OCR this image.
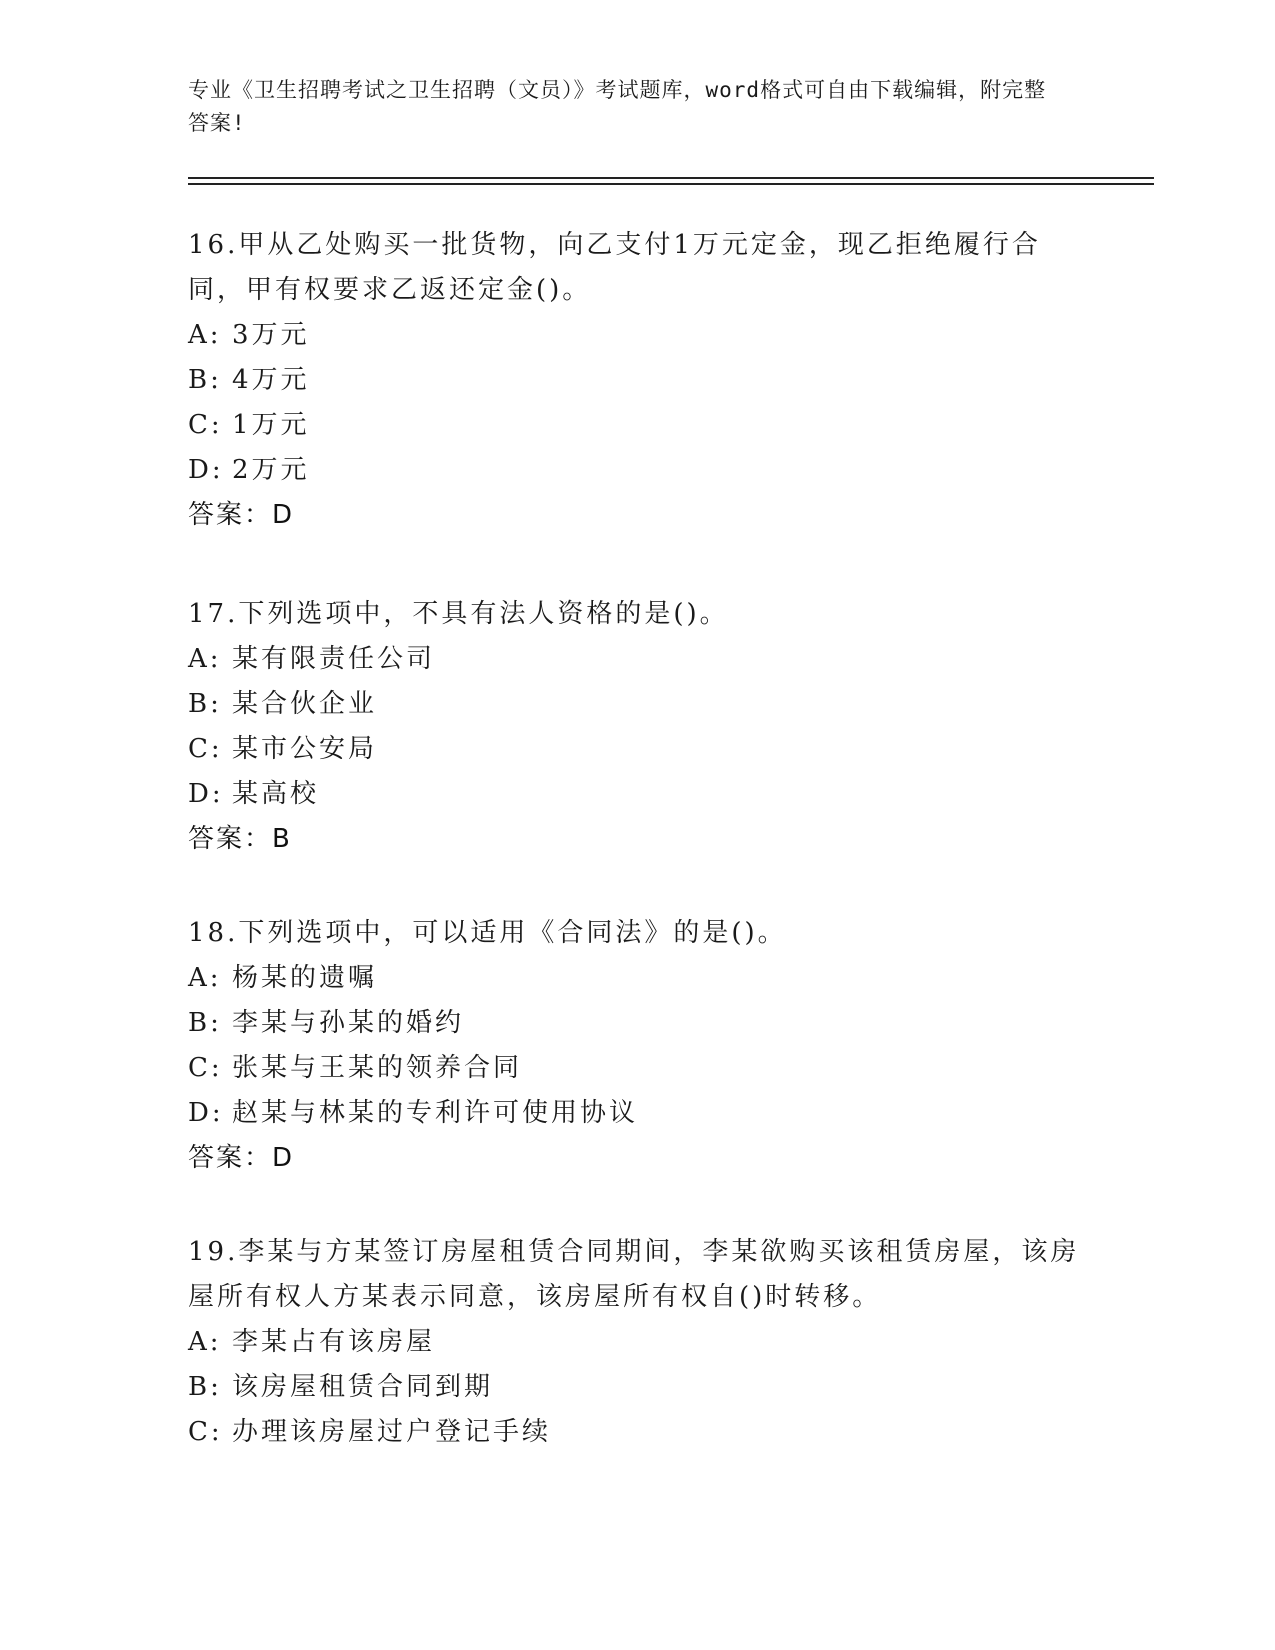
专业《卫生招聘考试之卫生招聘（文员）》考试题库，word格式可自由下载编辑，附完整答案!

16.甲从乙处购买一批货物，向乙支付1万元定金，现乙拒绝履行合同，甲有权要求乙返还定金()。

A: 3万元
B: 4万元
C: 1万元
D: 2万元
答案：D

17.下列选项中，不具有法人资格的是()。

A: 某有限责任公司
B: 某合伙企业
C: 某市公安局
D: 某高校
答案：B

18.下列选项中，可以适用《合同法》的是()。

A: 杨某的遗嘱
B: 李某与孙某的婚约
C: 张某与王某的领养合同
D: 赵某与林某的专利许可使用协议
答案：D

19.李某与方某签订房屋租赁合同期间，李某欲购买该租赁房屋，该房屋所有权人方某表示同意，该房屋所有权自()时转移。

A: 李某占有该房屋
B: 该房屋租赁合同到期
C: 办理该房屋过户登记手续
